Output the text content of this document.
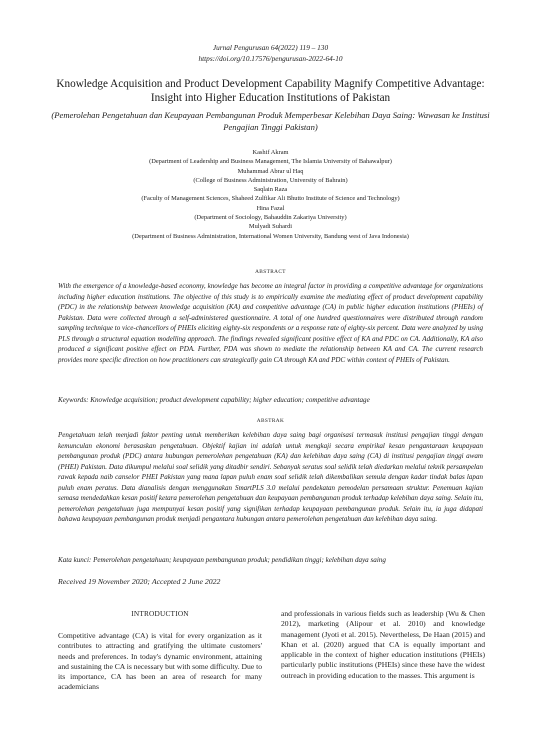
Jurnal Pengurusan 64(2022) 119 – 130
https://doi.org/10.17576/pengurusan-2022-64-10
Knowledge Acquisition and Product Development Capability Magnify Competitive Advantage: Insight into Higher Education Institutions of Pakistan
(Pemerolehan Pengetahuan dan Keupayaan Pembangunan Produk Memperbesar Kelebihan Daya Saing: Wawasan ke Institusi Pengajian Tinggi Pakistan)
Kashif Akram
(Department of Leadership and Business Management, The Islamia University of Bahawalpur)
Muhammad Abrar ul Haq
(College of Business Administration, University of Bahrain)
Saqlain Raza
(Faculty of Management Sciences, Shaheed Zulfikar Ali Bhutto Institute of Science and Technology)
Hina Fazal
(Department of Sociology, Bahauddin Zakariya University)
Mulyadi Suhardi
(Department of Business Administration, International Women University, Bandung west of Java Indonesia)
ABSTRACT

With the emergence of a knowledge-based economy, knowledge has become an integral factor in providing a competitive advantage for organizations including higher education institutions. The objective of this study is to empirically examine the mediating effect of product development capability (PDC) in the relationship between knowledge acquisition (KA) and competitive advantage (CA) in public higher education institutions (PHEIs) of Pakistan. Data were collected through a self-administered questionnaire. A total of one hundred questionnaires were distributed through random sampling technique to vice-chancellors of PHEIs eliciting eighty-six respondents or a response rate of eighty-six percent. Data were analyzed by using PLS through a structural equation modelling approach. The findings revealed significant positive effect of KA and PDC on CA. Additionally, KA also produced a significant positive effect on PDA. Further, PDA was shown to mediate the relationship between KA and CA. The current research provides more specific direction on how practitioners can strategically gain CA through KA and PDC within context of PHEIs of Pakistan.

Keywords: Knowledge acquisition; product development capability; higher education; competitive advantage
ABSTRAK

Pengetahuan telah menjadi faktor penting untuk memberikan kelebihan daya saing bagi organisasi termasuk institusi pengajian tinggi dengan kemunculan ekonomi berasaskan pengetahuan. Objektif kajian ini adalah untuk mengkaji secara empirikal kesan pengantaraan keupayaan pembangunan produk (PDC) antara hubungan pemerolehan pengetahuan (KA) dan kelebihan daya saing (CA) di institusi pengajian tinggi awam (PHEI) Pakistan. Data dikumpul melalui soal selidik yang ditadbir sendiri. Sebanyak seratus soal selidik telah diedarkan melalui teknik persampelan rawak kepada naib canselor PHEI Pakistan yang mana lapan puluh enam soal selidik telah dikembalikan semula dengan kadar tindak balas lapan puluh enam peratus. Data dianalisis dengan menggunakan SmartPLS 3.0 melalui pendekatan pemodelan persamaan struktur. Penemuan kajian semasa mendedahkan kesan positif ketara pemerolehan pengetahuan dan keupayaan pembangunan produk terhadap kelebihan daya saing. Selain itu, pemerolehan pengetahuan juga mempunyai kesan positif yang signifikan terhadap keupayaan pembangunan produk. Selain itu, ia juga didapati bahawa keupayaan pembangunan produk menjadi pengantara hubungan antara pemerolehan pengetahuan dan kelebihan daya saing.

Kata kunci: Pemerolehan pengetahuan; keupayaan pembangunan produk; pendidikan tinggi; kelebihan daya saing
Received 19 November 2020; Accepted 2 June 2022
INTRODUCTION

Competitive advantage (CA) is vital for every organization as it contributes to attracting and gratifying the ultimate customers' needs and preferences. In today's dynamic environment, attaining and sustaining the CA is necessary but with some difficulty. Due to its importance, CA has been an area of research for many academicians

and professionals in various fields such as leadership (Wu & Chen 2012), marketing (Alipour et al. 2010) and knowledge management (Jyoti et al. 2015). Nevertheless, De Haan (2015) and Khan et al. (2020) argued that CA is equally important and applicable in the context of higher education institutions (PHEIs) particularly public institutions (PHEIs) since these have the widest outreach in providing education to the masses. This argument is
